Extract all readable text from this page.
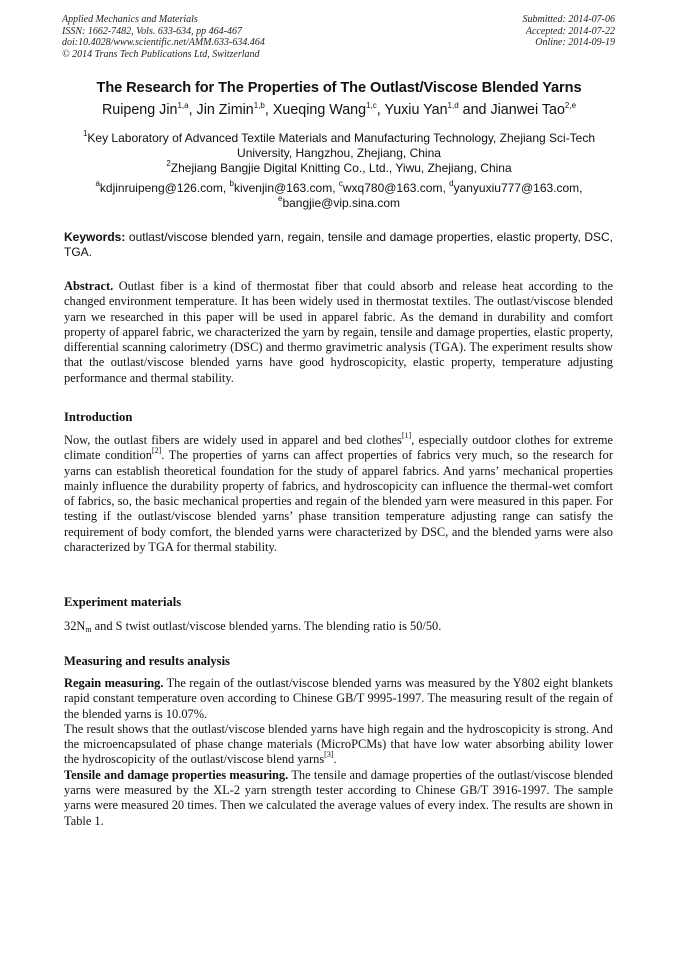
Applied Mechanics and Materials
ISSN: 1662-7482, Vols. 633-634, pp 464-467
doi:10.4028/www.scientific.net/AMM.633-634.464
© 2014 Trans Tech Publications Ltd, Switzerland
Submitted: 2014-07-06
Accepted: 2014-07-22
Online: 2014-09-19
The Research for The Properties of The Outlast/Viscose Blended Yarns
Ruipeng Jin$^{1,a}$, Jin Zimin$^{1,b}$, Xueqing Wang$^{1,c}$, Yuxiu Yan$^{1,d}$ and Jianwei Tao$^{2,e}$
$^1$Key Laboratory of Advanced Textile Materials and Manufacturing Technology, Zhejiang Sci-Tech University, Hangzhou, Zhejiang, China
$^2$Zhejiang Bangjie Digital Knitting Co., Ltd., Yiwu, Zhejiang, China
$^a$kdjinruipeng@126.com, $^b$kivenjin@163.com, $^c$wxq780@163.com, $^d$yanyuxiu777@163.com,
$^e$bangjie@vip.sina.com
Keywords: outlast/viscose blended yarn, regain, tensile and damage properties, elastic property, DSC, TGA.
Abstract. Outlast fiber is a kind of thermostat fiber that could absorb and release heat according to the changed environment temperature. It has been widely used in thermostat textiles. The outlast/viscose blended yarn we researched in this paper will be used in apparel fabric. As the demand in durability and comfort property of apparel fabric, we characterized the yarn by regain, tensile and damage properties, elastic property, differential scanning calorimetry (DSC) and thermo gravimetric analysis (TGA). The experiment results show that the outlast/viscose blended yarns have good hydroscopicity, elastic property, temperature adjusting performance and thermal stability.
Introduction
Now, the outlast fibers are widely used in apparel and bed clothes[1], especially outdoor clothes for extreme climate condition[2]. The properties of yarns can affect properties of fabrics very much, so the research for yarns can establish theoretical foundation for the study of apparel fabrics. And yarns’ mechanical properties mainly influence the durability property of fabrics, and hydroscopicity can influence the thermal-wet comfort of fabrics, so, the basic mechanical properties and regain of the blended yarn were measured in this paper. For testing if the outlast/viscose blended yarns’ phase transition temperature adjusting range can satisfy the requirement of body comfort, the blended yarns were characterized by DSC, and the blended yarns were also characterized by TGA for thermal stability.
Experiment materials
$32N_m$ and S twist outlast/viscose blended yarns. The blending ratio is 50/50.
Measuring and results analysis

Regain measuring. The regain of the outlast/viscose blended yarns was measured by the Y802 eight blankets rapid constant temperature oven according to Chinese GB/T 9995-1997. The measuring result of the regain of the blended yarns is 10.07%.

The result shows that the outlast/viscose blended yarns have high regain and the hydroscopicity is strong. And the microencapsulated of phase change materials (MicroPCMs) that have low water absorbing ability lower the hydroscopicity of the outlast/viscose blend yarns[3].

Tensile and damage properties measuring. The tensile and damage properties of the outlast/viscose blended yarns were measured by the XL-2 yarn strength tester according to Chinese GB/T 3916-1997. The sample yarns were measured 20 times. Then we calculated the average values of every index. The results are shown in Table 1.
